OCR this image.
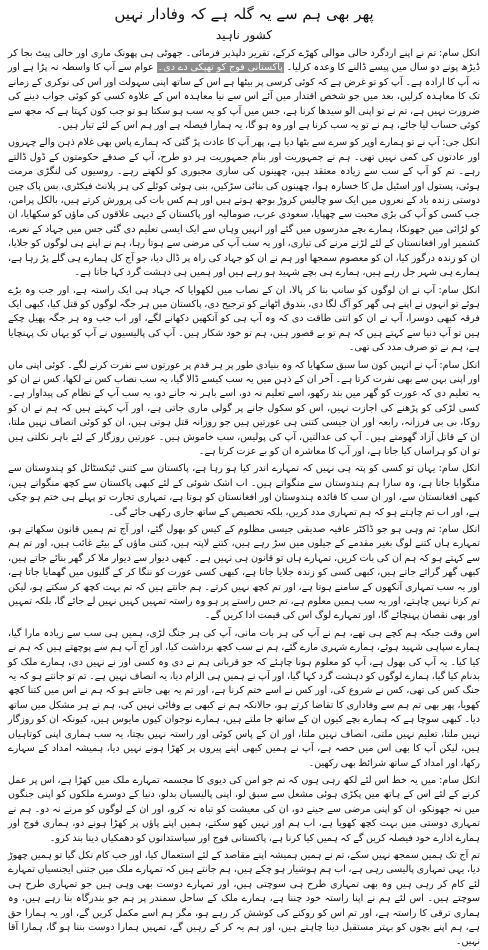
پھر بھی ہم سے یہ گلہ ہے کہ وفادار نہیں
کشور ناہید

انکل سام: تم نے اپنے اردگرد حالی موالی کھڑے کرکے، تقریر دلپذیر فرمائی۔ جھوٹی ہی پھونک ماری اور خالی پیٹ بجا کر ڈیڑھ پونے دو سال میں پیسے ڈالنے کا وعدہ کرلیا۔ پاکستانی فوج کو تھپکی دے دی۔ عوام سے آپ کا واسطہ نہ پڑا ہے اور نہ آپ کا ارادہ ہے۔ آپ کو تو غرض ہے کہ کوئی کرسی پر بیٹھا ہے اس کے ساتھ اپنی سہولت اور اس کی نوکری کے زمانے تک کا معاہدہ کرلیں، بعد میں جو شخص اقتدار میں آئے اس سے نیا معاہدہ اس کے علاوہ کسی کو کوئی جواب دینے کی ضرورت نہیں ہے، تم نے تو اپنی الو سیدھا کرنا ہے، جس میں آپ کو یہ سب ہو سکتا ہو تو جب کون کہتا ہے کہ مجھ سے کوئی حساب لیا جائے، ہم نے تو یہ سب کرنا ہے اور وہ ہو گا، یہ ہمارا فیصلہ ہے اور ہم اس کے لئے تیار ہیں۔

انکل جی: آپ نے تو ہمارے اوپر کو سرے سے بٹھا دیا ہے، پھر آپ کا عادت پڑ گئی کہ ہمارے پاس بھی غلام ذہن والے چہروں اور عادتوں کی کمی نہیں تھی۔ ہم نے جمہوریت اور بنام جمہوریت ہر دو طرح، آپ کے صدقے حکومتوں کے ڈول ڈالتے رہے۔ تم کو آپ کے سب سے زیادہ معتقد ہیں، چھینوں کی ساری مجبوری کو لکھتے رہے۔ روسیوں کی لنگڑی مرمت ہوئی، پستول اور اسٹیل مل کا خسارہ ہوا، چھینوں کی بنائی سڑکیں، بنی ہوئی کوئلے کی ہر پلانٹ فیکٹری، بس پاک چین دوستی زندہ باد کے نعروں میں ایک سو چالیس کروڑ بوجھ ہوتے ہیں اور ہم کس بات کی پرورش کرتے ہیں، بالکل پرامن، جب کسی کو آپ کی بڑی محبت سے چھپایا، سعودی عرب، صومالیہ اور پاکستان کے دیہی علاقوں کی ماؤں کو سکھایا، ان کو لڑائی میں جھونکا، ہمارے بچے مدرسوں میں گئے اور انہیں وہاں سے ایک ایسی تعلیم دی گئی جس میں جہاد کے نعرے، کشمیر اور افغانستان کے لئے لڑنے مرنے کی تیاری، اور یہ سب آپ کی مرضی سے ہوتا رہا، ہم نے اپنے ہی لوگوں کو جلایا، ان کو زندہ درگور کیا، ان کو معصوم سمجھا اور ہم نے ان کو جہاد کی راہ پر ڈال دیا، جو آج کل ہمارے ہی گلے پڑ رہا ہے، ہمارے ہی شہر جل رہے ہیں، ہمارے ہی بچے شہید ہو رہے ہیں اور ہمیں ہی دہشت گرد کہا جاتا ہے۔

انکل سام: آپ نے ان لوگوں کو سانپ بنا کر پالا، ان کے نصاب میں لکھوایا کہ جہاد ہی ایک راستہ ہے، اور جب وہ بڑے ہوئے تو انہوں نے اپنے ہی گھر کو آگ لگا دی، بندوق اٹھانے کو ترجیح دی، پاکستان میں ہر جگہ لوگوں کو قتل کیا، کبھی ایک فرقہ کبھی دوسرا، آپ نے ان کو اتنی طاقت دی کہ وہ آپ ہی کو آنکھیں دکھانے لگے، اور اب جب وہ ہر جگہ پھیل چکے ہیں تو آپ دنیا سے کہتے ہیں کہ ہم تو بے قصور ہیں، ہم تو خود شکار ہیں۔ آپ کی پالیسیوں نے آپ کو یہاں تک پہنچایا ہے، ہم نے تو صرف مدد کی تھی۔

انکل سام: آپ نے انہیں کون سا سبق سکھایا کہ وہ بنیادی طور پر ہر قدم پر عورتوں سے نفرت کرنے لگے۔ کوئی اپنی ماں اور اپنی بہن سے بھی نفرت کرتا ہے۔ آخر ان کے ذہن میں یہ سب کیسے ڈالا گیا، یہ سب نصاب کس نے لکھا، کس نے ان کو یہ تعلیم دی کہ عورت کو گھر میں بند رکھو، اسے تعلیم نہ دو، اسے باہر نہ جانے دو، یہ سب آپ کے نظام کی پیداوار ہے۔ کسی لڑکی کو پڑھنے کی اجازت نہیں، اس کو سکول جانے پر گولی ماری جاتی ہے، اور آپ کہتے ہیں کہ ہم نے ان کو روکا، بی بی فرزانہ، رابعہ اور ان جیسی کتنی ہی عورتیں ہیں جو روزانہ قتل ہوتی ہیں، ان کو کوئی انصاف نہیں ملتا، ان کے قاتل آزاد گھومتے ہیں۔ آپ کی عدالتیں، آپ کی پولیس، سب خاموش ہیں۔ عورتیں روزگار کے لئے باہر نکلتی ہیں تو ان کو ہراساں کیا جاتا ہے، اور آپ کا معاشرہ ان کو بے عزت کرتا ہے۔

انکل سام: یہاں تو کسی کو پتہ ہی نہیں کہ تمہارے اندر کیا ہو رہا ہے، پاکستان سے کتنی ٹیکسٹائل کو ہندوستان سے منگوایا جاتا ہے، وہ سارا ہم ہندوستان سے منگواتے ہیں۔ اب اشک شوئی کے لئے کبھی پاکستان سے کچھ منگواتے ہیں، کبھی افغانستان سے، اور ان سب کا فائدہ ہندوستان اور افغانستان کو ہوتا ہے، تمہاری تجارت تو پہلے ہی ختم ہو چکی ہے، اور اب تم چاہتے ہو کہ ہم تمہاری مدد کریں، بلکہ تخصیص کے ساتھ جاری رکھی جائے گی۔

انکل سام: تم وہی ہو جو ڈاکٹر عافیہ صدیقی جیسی مظلوم کے کیس کو بھول گئے، اور آج تم ہمیں قانون سکھاتے ہو، تمہارے ہاں کتنے لوگ بغیر مقدمے کے جیلوں میں سڑ رہے ہیں، کتنے لاپتہ ہیں، کتنی ماؤں کے بیٹے غائب ہیں، اور تم ہم سے کہتے ہو کہ ہم ان کی بات کریں، تمہارے ہاں تو قانون ہی نہیں ہے۔ کبھی دیوار سے دیوار ملا کر گھر بنائے جاتے ہیں، کبھی گھر گرائے جاتے ہیں، کبھی کسی کو زندہ جلایا جاتا ہے، کبھی کسی عورت کو ننگا کر کے گلیوں میں گھمایا جاتا ہے، اور یہ سب تمہاری آنکھوں کے سامنے ہوتا ہے، اور تم کچھ نہیں کرتے۔ ہم جانتے ہیں کہ تم بہت کچھ کر سکتے ہو، لیکن تم کرنا نہیں چاہتے، اور یہ سب ہمیں معلوم ہے، تم جس راستے پر ہو وہ راستہ تمہیں کہیں نہیں لے جائے گا، بلکہ تمہیں اور بھی نقصان پہنچائے گا، اور تمہارے لوگ اس کی قیمت ادا کریں گے۔

اس وقت جبکہ ہم کچے ہی تھے، ہم نے آپ کی ہر بات مانی، آپ کی ہر جنگ لڑی، ہمیں ہی سب سے زیادہ مارا گیا، ہمارے سپاہی شہید ہوئے، ہمارے شہری مارے گئے، ہم نے سب کچھ برداشت کیا، اور آج آپ ہم سے پوچھتے ہیں کہ ہم نے کیا کیا۔ یہ آپ کی بھول ہے، آپ کو معلوم ہونا چاہئے کہ جو قربانی ہم نے دی وہ کسی اور نے نہیں دی، ہمارے ملک کو بدنام کیا گیا، ہمارے لوگوں کو دہشت گرد کہا گیا، اور آپ نے ہمیں ہی الزام دیا، یہ انصاف نہیں ہے۔ تم تو جانتے ہو کہ یہ جنگ کس کی تھی، کس نے شروع کی، اور کس نے اسے ختم کرنا ہے، اور تم یہ بھی جانتے ہو کہ ہم نے اس میں کتنا کچھ کھویا، پھر بھی تم ہم سے وفاداری کا تقاضا کرتے ہو، حالانکہ ہم نے کبھی بے وفائی نہیں کی، ہم نے ہر مشکل میں ساتھ دیا۔ کبھی سوچا ہے کہ ہمارے بچے کیوں ان کے ساتھ جا ملتے ہیں، ہمارے نوجوان کیوں مایوس ہیں، کیونکہ ان کو روزگار نہیں ملتا، تعلیم نہیں ملتی، انصاف نہیں ملتا، اور ان کے پاس کوئی اور راستہ نہیں بچتا، یہ سب ہماری اپنی کوتاہیاں ہیں، لیکن آپ کا بھی اس میں حصہ ہے، آپ نے ہمیں کبھی اپنے پیروں پر کھڑا ہونے نہیں دیا، ہمیشہ امداد کے سہارے رکھا، اور امداد کے ساتھ شرائط بھی رکھیں۔

انکل سام: میں یہ خط اس لئے لکھ رہی ہوں کہ تم جو امن کی دیوی کا مجسمہ تمہارے ملک میں کھڑا ہے، اس پر عمل کرنے کے لئے اس کے ہاتھ میں پکڑی ہوئی مشعل سے سبق لو، اپنی پالیسیاں بدلو، دنیا کے دوسرے ملکوں کو اپنی جنگوں میں نہ جھونکو، ان کو اپنی مرضی سے جینے دو، ان کی معیشت کو تباہ نہ کرو، اور ان کے لوگوں کو مرنے نہ دو۔ ہم نے تمہاری دوستی میں بہت کچھ کھویا ہے، اب ہم اور نہیں کھو سکتے، ہمیں اپنے پاؤں پر کھڑا ہونے دو، ہماری فوج اور ہمارے ادارے خود فیصلہ کریں گے کہ ہمیں کیا کرنا ہے، پاکستانی فوج اور سیاستدانوں کو دھمکیاں دینا بند کرو۔

تم آج تک ہمیں سمجھ نہیں سکے، تم نے ہمیں ہمیشہ اپنے مقاصد کے لئے استعمال کیا، اور جب کام نکل گیا تو ہمیں چھوڑ دیا، یہی تمہاری پالیسی رہی ہے، اب ہم ہوشیار ہو چکے ہیں، ہم جانتے ہیں کہ تمہارے ملک میں جتنی ایجنسیاں تمہارے لئے کام کر رہی ہیں وہ بھی تمہاری طرح ہی سوچتی ہیں، اور تمہارے دوست بھی وہی ہیں جو تمہاری طرح ہی سوچتے ہیں۔ اس لئے ہم نے اپنا راستہ خود چننا ہے، ہمارے ملک کے ساحل سمندر پر ہم جو بندرگاہ بنا رہے ہیں، وہ ہماری ترقی کا راستہ ہے، اور تم اس کو روکنے کی کوشش کر رہے ہو، مگر ہم اسے مکمل کریں گے، اور یہ ہمارا حق ہے، ہم اپنے بچوں کو بہتر مستقبل دینا چاہتے ہیں، اور ہم یہ کر کے رہیں گے، تمہیں ہمارا دوست بننا ہو گا، ہمارا آقا نہیں۔
